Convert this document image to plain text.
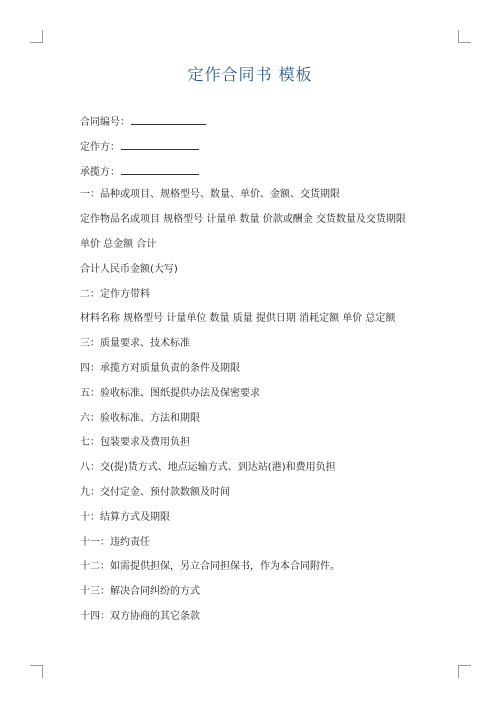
定作合同书 模板
合同编号：
定作方：
承揽方：
一：品种或项目、规格型号、数量、单价、金额、交货期限
定作物品名或项目 规格型号 计量单 数量 价款或酬金 交货数量及交货期限
单价 总金额 合计
合计人民币金额(大写)
二：定作方带料
材料名称 规格型号 计量单位 数量 质量 提供日期 消耗定额 单价 总定额
三：质量要求、技术标准
四：承揽方对质量负责的条件及期限
五：验收标准、图纸提供办法及保密要求
六：验收标准、方法和期限
七：包装要求及费用负担
八：交(提)货方式、地点运输方式、到达站(港)和费用负担
九：交付定金、预付款数额及时间
十：结算方式及期限
十一：违约责任
十二：如需提供担保，另立合同担保书，作为本合同附件。
十三：解决合同纠纷的方式
十四：双方协商的其它条款
